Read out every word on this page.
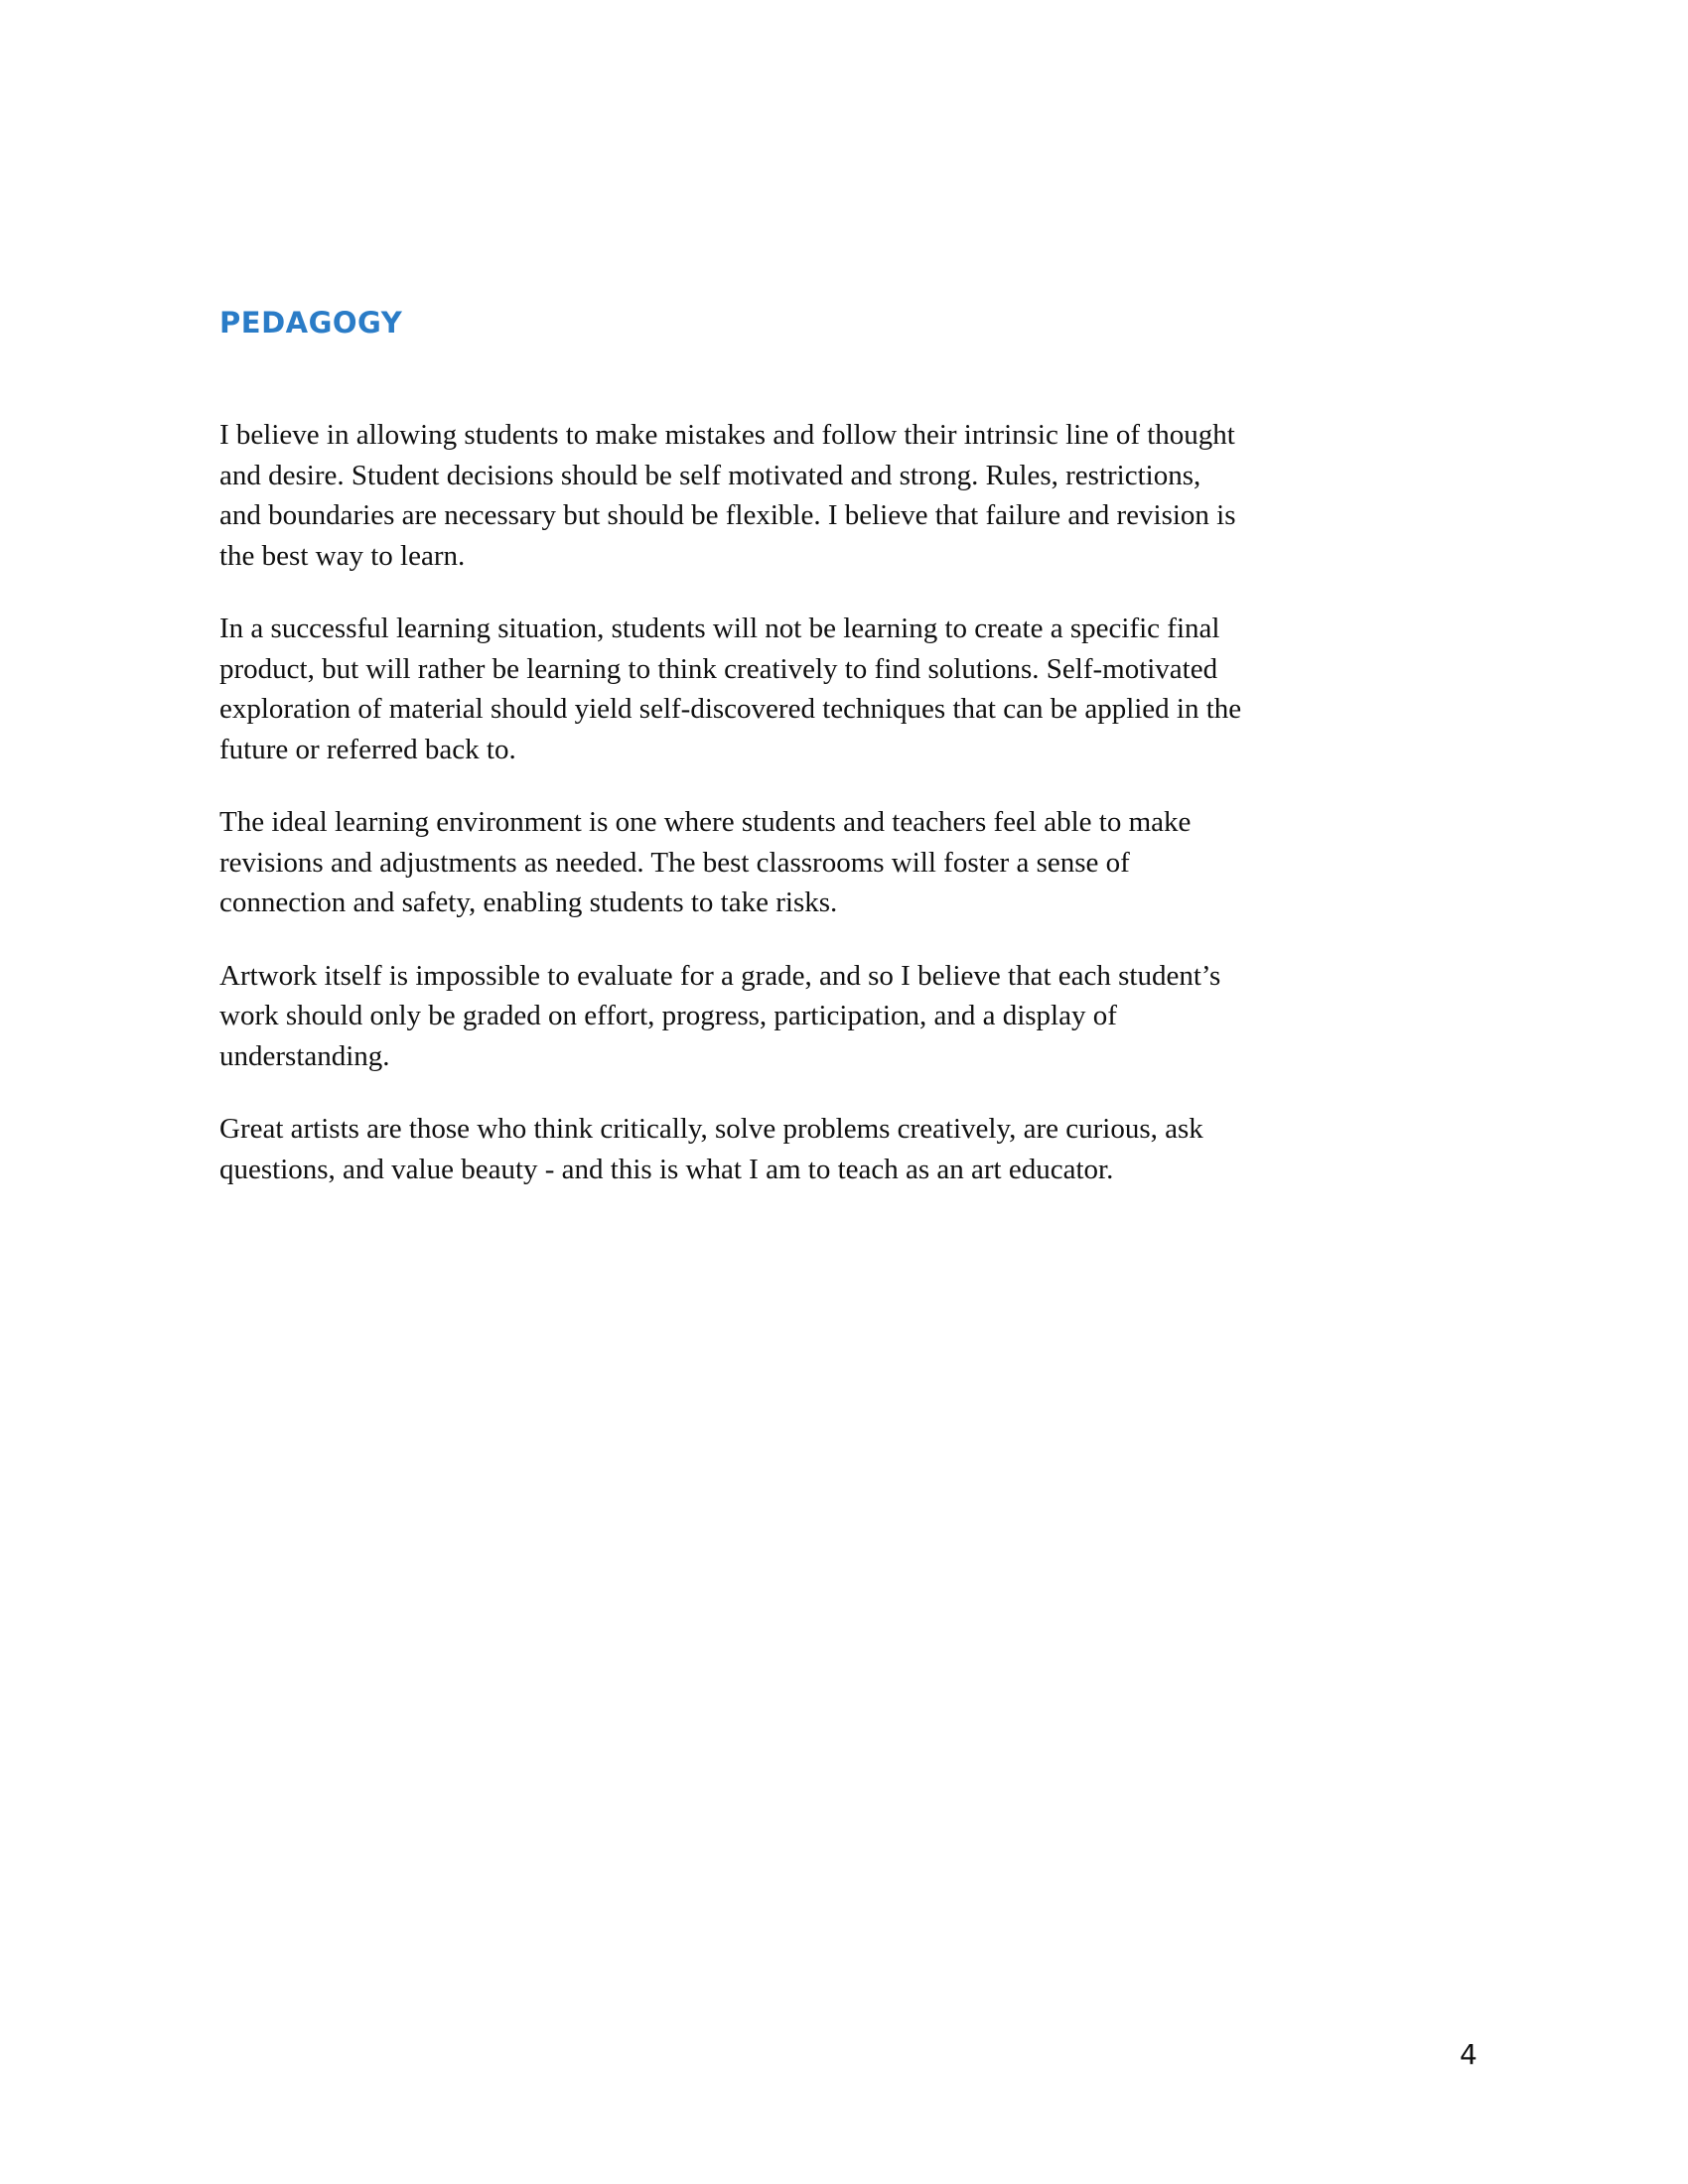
PEDAGOGY

I believe in allowing students to make mistakes and follow their intrinsic line of thought
and desire. Student decisions should be self motivated and strong. Rules, restrictions,
and boundaries are necessary but should be flexible. I believe that failure and revision is
the best way to learn.

In a successful learning situation, students will not be learning to create a specific final
product, but will rather be learning to think creatively to find solutions. Self-motivated
exploration of material should yield self-discovered techniques that can be applied in the
future or referred back to.

The ideal learning environment is one where students and teachers feel able to make
revisions and adjustments as needed. The best classrooms will foster a sense of
connection and safety, enabling students to take risks.

Artwork itself is impossible to evaluate for a grade, and so I believe that each student’s
work should only be graded on effort, progress, participation, and a display of
understanding.

Great artists are those who think critically, solve problems creatively, are curious, ask
questions, and value beauty - and this is what I am to teach as an art educator.

4
